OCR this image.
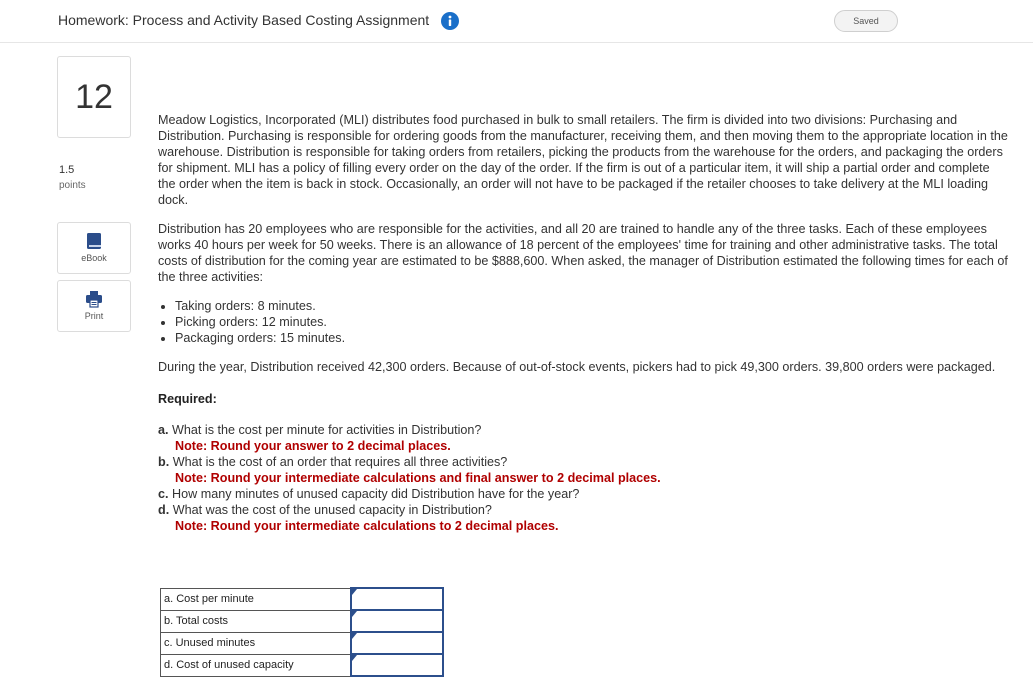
Homework: Process and Activity Based Costing Assignment	Saved
12
1.5
points
eBook
Print

Meadow Logistics, Incorporated (MLI) distributes food purchased in bulk to small retailers. The firm is divided into two divisions: Purchasing and Distribution. Purchasing is responsible for ordering goods from the manufacturer, receiving them, and then moving them to the appropriate location in the warehouse. Distribution is responsible for taking orders from retailers, picking the products from the warehouse for the orders, and packaging the orders for shipment. MLI has a policy of filling every order on the day of the order. If the firm is out of a particular item, it will ship a partial order and complete the order when the item is back in stock. Occasionally, an order will not have to be packaged if the retailer chooses to take delivery at the MLI loading dock.

Distribution has 20 employees who are responsible for the activities, and all 20 are trained to handle any of the three tasks. Each of these employees works 40 hours per week for 50 weeks. There is an allowance of 18 percent of the employees' time for training and other administrative tasks. The total costs of distribution for the coming year are estimated to be $888,600. When asked, the manager of Distribution estimated the following times for each of the three activities:

• Taking orders: 8 minutes.
• Picking orders: 12 minutes.
• Packaging orders: 15 minutes.

During the year, Distribution received 42,300 orders. Because of out-of-stock events, pickers had to pick 49,300 orders. 39,800 orders were packaged.

Required:

a. What is the cost per minute for activities in Distribution?

Note: Round your answer to 2 decimal places.

b. What is the cost of an order that requires all three activities?

Note: Round your intermediate calculations and final answer to 2 decimal places.

c. How many minutes of unused capacity did Distribution have for the year?

d. What was the cost of the unused capacity in Distribution?

Note: Round your intermediate calculations to 2 decimal places.

a. Cost per minute	

b. Total costs	

c. Unused minutes	

d. Cost of unused capacity	
